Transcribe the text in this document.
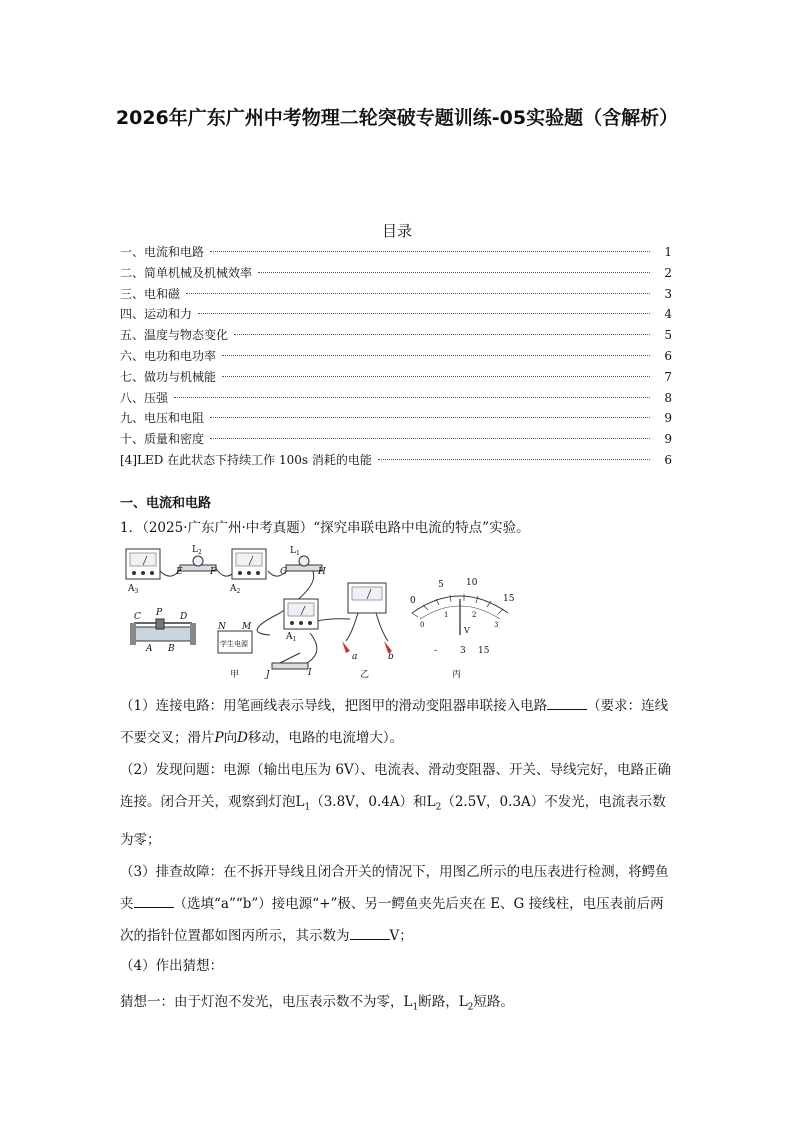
2026年广东广州中考物理二轮突破专题训练-05实验题（含解析）
目录
一、电流和电路	1
二、简单机械及机械效率	2
三、电和磁	3
四、运动和力	4
五、温度与物态变化	5
六、电功和电功率	6
七、做功与机械能	7
八、压强	8
九、电压和电阻	9
十、质量和密度	9
[4]LED 在此状态下持续工作 100s 消耗的电能	6
一、电流和电路
1．（2025·广东广州·中考真题）“探究串联电路中电流的特点”实验。
$A_3$
$L_2$
E	F
$A_2$
$L_1$
G	H
$A_1$
C P D
A B	学生电源
N M
J	I
甲
a	b
乙
0
5 10
15
0
1	2
3
V
-	3 15
丙
（1）连接电路：用笔画线表示导线，把图甲的滑动变阻器串联接入电路	（要求：连线不要交叉；滑片P向D移动，电路的电流增大）。
（2）发现问题：电源（输出电压为 6V）、电流表、滑动变阻器、开关、导线完好，电路正确连接。闭合开关，观察到灯泡$L_1(3.8V$，0.4A）和$L_2(2.5V$，0.3A）不发光，电流表示数为零；
（3）排查故障：在不拆开导线且闭合开关的情况下，用图乙所示的电压表进行检测，将鳄鱼夹	（选填“a”“b”）接电源“+”极、另一鳄鱼夹先后夹在 E、G 接线柱，电压表前后两次的指针位置都如图丙所示，其示数为	V；
（4）作出猜想：
猜想一：由于灯泡不发光，电压表示数不为零，$L_1$断路，$L_2$短路。
